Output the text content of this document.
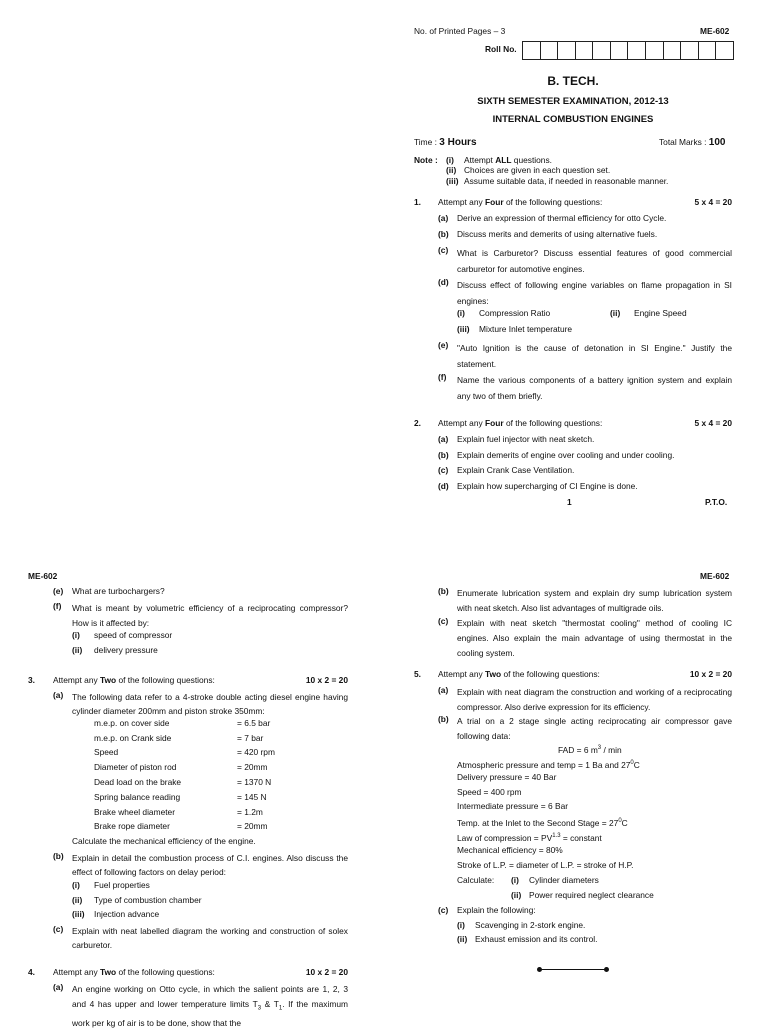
No. of Printed Pages – 3	ME-602
Roll No.
B. TECH.
SIXTH SEMESTER EXAMINATION, 2012-13
INTERNAL COMBUSTION ENGINES
Time : 3 Hours	Total Marks : 100
Note : (i) Attempt ALL questions.
(ii) Choices are given in each question set.
(iii) Assume suitable data, if needed in reasonable manner.
1. Attempt any Four of the following questions:	5 x 4 = 20
(a) Derive an expression of thermal efficiency for otto Cycle.
(b) Discuss merits and demerits of using alternative fuels.
(c) What is Carburetor? Discuss essential features of good commercial carburetor for automotive engines.
(d) Discuss effect of following engine variables on flame propagation in SI engines:
(i) Compression Ratio	(ii) Engine Speed
(iii) Mixture Inlet temperature
(e) "Auto Ignition is the cause of detonation in SI Engine." Justify the statement.
(f) Name the various components of a battery ignition system and explain any two of them briefly.
2. Attempt any Four of the following questions:	5 x 4 = 20
(a) Explain fuel injector with neat sketch.
(b) Explain demerits of engine over cooling and under cooling.
(c) Explain Crank Case Ventilation.
(d) Explain how supercharging of CI Engine is done.
1	P.T.O.
ME-602
(e) What are turbochargers?
(f) What is meant by volumetric efficiency of a reciprocating compressor? How is it affected by:
(i) speed of compressor
(ii) delivery pressure
3. Attempt any Two of the following questions:	10 x 2 = 20
(a) The following data refer to a 4-stroke double acting diesel engine having cylinder diameter 200mm and piston stroke 350mm:
m.e.p. on cover side	= 6.5 bar
m.e.p. on Crank side	= 7 bar
Speed	= 420 rpm
Diameter of piston rod	= 20mm
Dead load on the brake	= 1370 N
Spring balance reading	= 145 N
Brake wheel diameter	= 1.2m
Brake rope diameter	= 20mm
Calculate the mechanical efficiency of the engine.
(b) Explain in detail the combustion process of C.I. engines. Also discuss the effect of following factors on delay period:
(i) Fuel properties
(ii) Type of combustion chamber
(iii) Injection advance
(c) Explain with neat labelled diagram the working and construction of solex carburetor.
4. Attempt any Two of the following questions:	10 x 2 = 20
(a) An engine working on Otto cycle, in which the salient points are 1, 2, 3 and 4 has upper and lower temperature limits $T_3$ & $T_1$. If the maximum work per kg of air is to be done, show that the
ME-602
(b) Enumerate lubrication system and explain dry sump lubrication system with neat sketch. Also list advantages of multigrade oils.
(c) Explain with neat sketch "thermostat cooling" method of cooling IC engines. Also explain the main advantage of using thermostat in the cooling system.
5. Attempt any Two of the following questions:	10 x 2 = 20
(a) Explain with neat diagram the construction and working of a reciprocating compressor. Also derive expression for its efficiency.
(b) A trial on a 2 stage single acting reciprocating air compressor gave following data:
FAD = 6 $m^3$ / min
Atmospheric pressure and temp = 1 Ba and $27^0C$
Delivery pressure = 40 Bar
Speed = 400 rpm
Intermediate pressure = 6 Bar
Temp. at the Inlet to the Second Stage = $27^0C$
Law of compression = $PV^{1.3}$ = constant
Mechanical efficiency = 80%
Stroke of L.P. = diameter of L.P. = stroke of H.P.
Calculate: (i) Cylinder diameters
(ii) Power required neglect clearance
(c) Explain the following:
(i) Scavenging in 2-stork engine.
(ii) Exhaust emission and its control.
